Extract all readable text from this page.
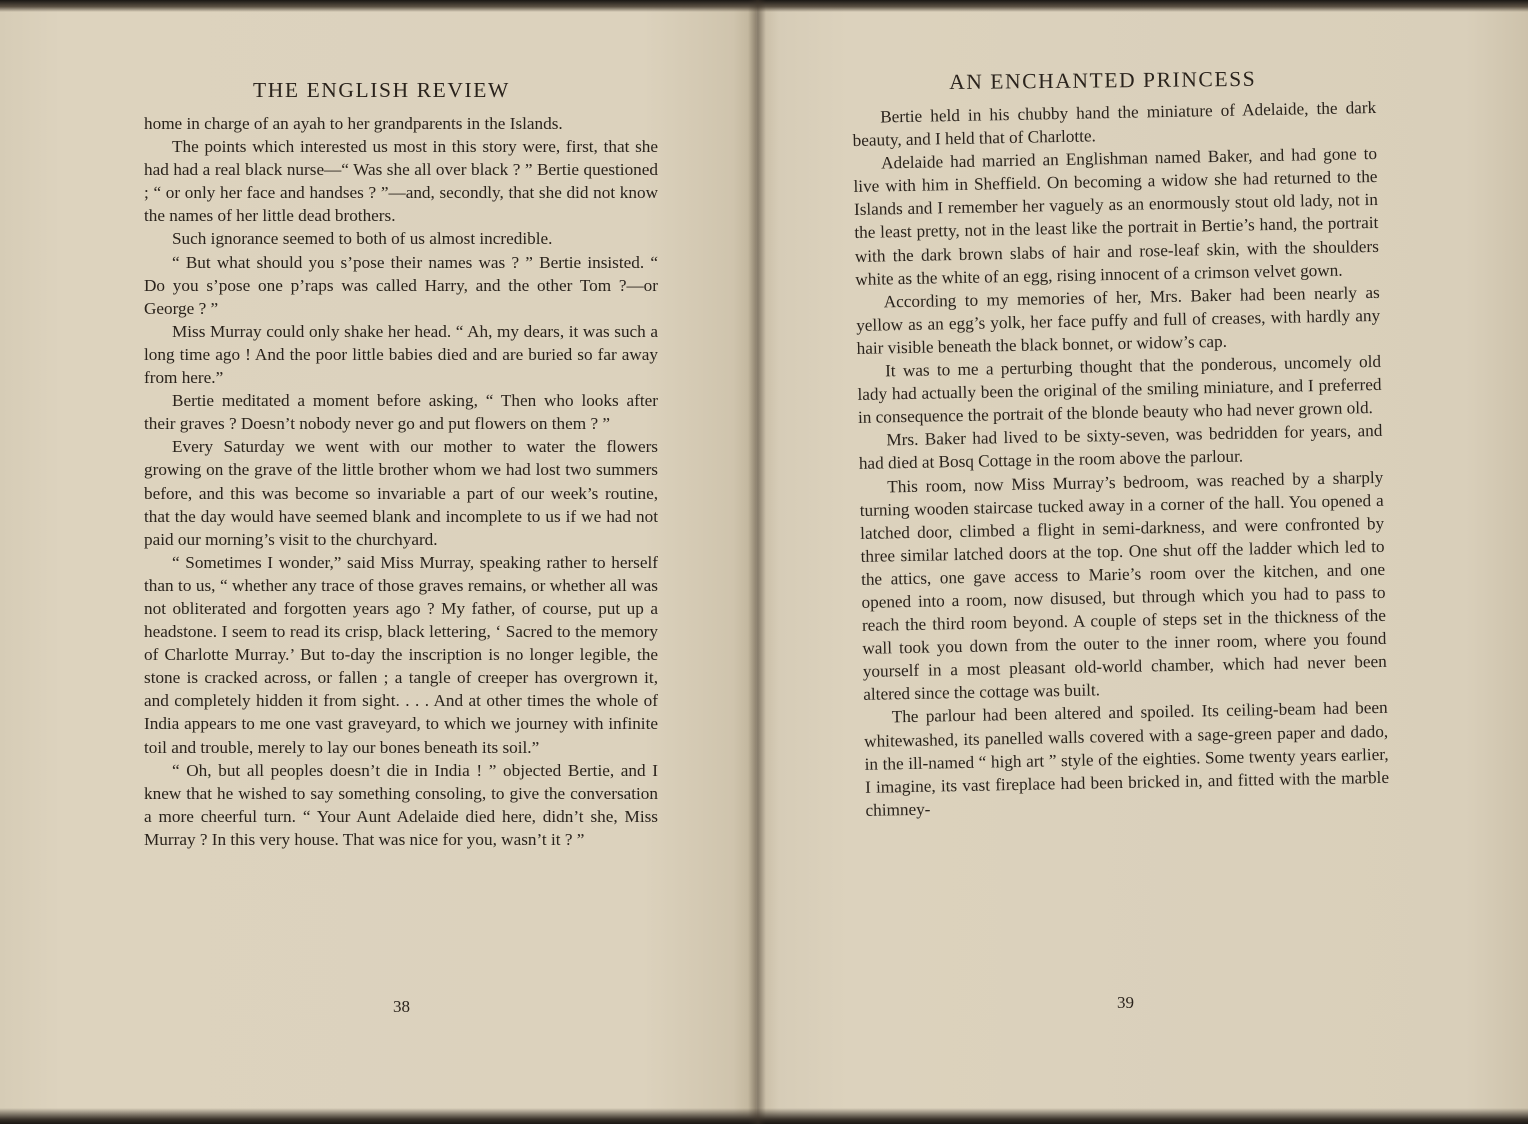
THE ENGLISH REVIEW

home in charge of an ayah to her grandparents in the Islands.

The points which interested us most in this story were, first, that she had had a real black nurse—“ Was she all over black ? ” Bertie questioned ; “ or only her face and handses ? ”—and, secondly, that she did not know the names of her little dead brothers.

Such ignorance seemed to both of us almost incredible.

“ But what should you s’pose their names was ? ” Bertie insisted. “ Do you s’pose one p’raps was called Harry, and the other Tom ?—or George ? ”

Miss Murray could only shake her head. “ Ah, my dears, it was such a long time ago ! And the poor little babies died and are buried so far away from here.”

Bertie meditated a moment before asking, “ Then who looks after their graves ? Doesn’t nobody never go and put flowers on them ? ”

Every Saturday we went with our mother to water the flowers growing on the grave of the little brother whom we had lost two summers before, and this was become so invariable a part of our week’s routine, that the day would have seemed blank and incomplete to us if we had not paid our morning’s visit to the churchyard.

“ Sometimes I wonder,” said Miss Murray, speaking rather to herself than to us, “ whether any trace of those graves remains, or whether all was not obliterated and forgotten years ago ? My father, of course, put up a headstone. I seem to read its crisp, black lettering, ‘ Sacred to the memory of Charlotte Murray.’ But to-day the inscription is no longer legible, the stone is cracked across, or fallen ; a tangle of creeper has overgrown it, and completely hidden it from sight. . . . And at other times the whole of India appears to me one vast graveyard, to which we journey with infinite toil and trouble, merely to lay our bones beneath its soil.”

“ Oh, but all peoples doesn’t die in India ! ” objected Bertie, and I knew that he wished to say something consoling, to give the conversation a more cheerful turn. “ Your Aunt Adelaide died here, didn’t she, Miss Murray ? In this very house. That was nice for you, wasn’t it ? ”

38
AN ENCHANTED PRINCESS

Bertie held in his chubby hand the miniature of Adelaide, the dark beauty, and I held that of Charlotte.

Adelaide had married an Englishman named Baker, and had gone to live with him in Sheffield. On becoming a widow she had returned to the Islands and I remember her vaguely as an enormously stout old lady, not in the least pretty, not in the least like the portrait in Bertie’s hand, the portrait with the dark brown slabs of hair and rose-leaf skin, with the shoulders white as the white of an egg, rising innocent of a crimson velvet gown.

According to my memories of her, Mrs. Baker had been nearly as yellow as an egg’s yolk, her face puffy and full of creases, with hardly any hair visible beneath the black bonnet, or widow’s cap.

It was to me a perturbing thought that the ponderous, uncomely old lady had actually been the original of the smiling miniature, and I preferred in consequence the portrait of the blonde beauty who had never grown old.

Mrs. Baker had lived to be sixty-seven, was bedridden for years, and had died at Bosq Cottage in the room above the parlour.

This room, now Miss Murray’s bedroom, was reached by a sharply turning wooden staircase tucked away in a corner of the hall. You opened a latched door, climbed a flight in semi-darkness, and were confronted by three similar latched doors at the top. One shut off the ladder which led to the attics, one gave access to Marie’s room over the kitchen, and one opened into a room, now disused, but through which you had to pass to reach the third room beyond. A couple of steps set in the thickness of the wall took you down from the outer to the inner room, where you found yourself in a most pleasant old-world chamber, which had never been altered since the cottage was built.

The parlour had been altered and spoiled. Its ceiling-beam had been whitewashed, its panelled walls covered with a sage-green paper and dado, in the ill-named “ high art ” style of the eighties. Some twenty years earlier, I imagine, its vast fireplace had been bricked in, and fitted with the marble chimney-

39
